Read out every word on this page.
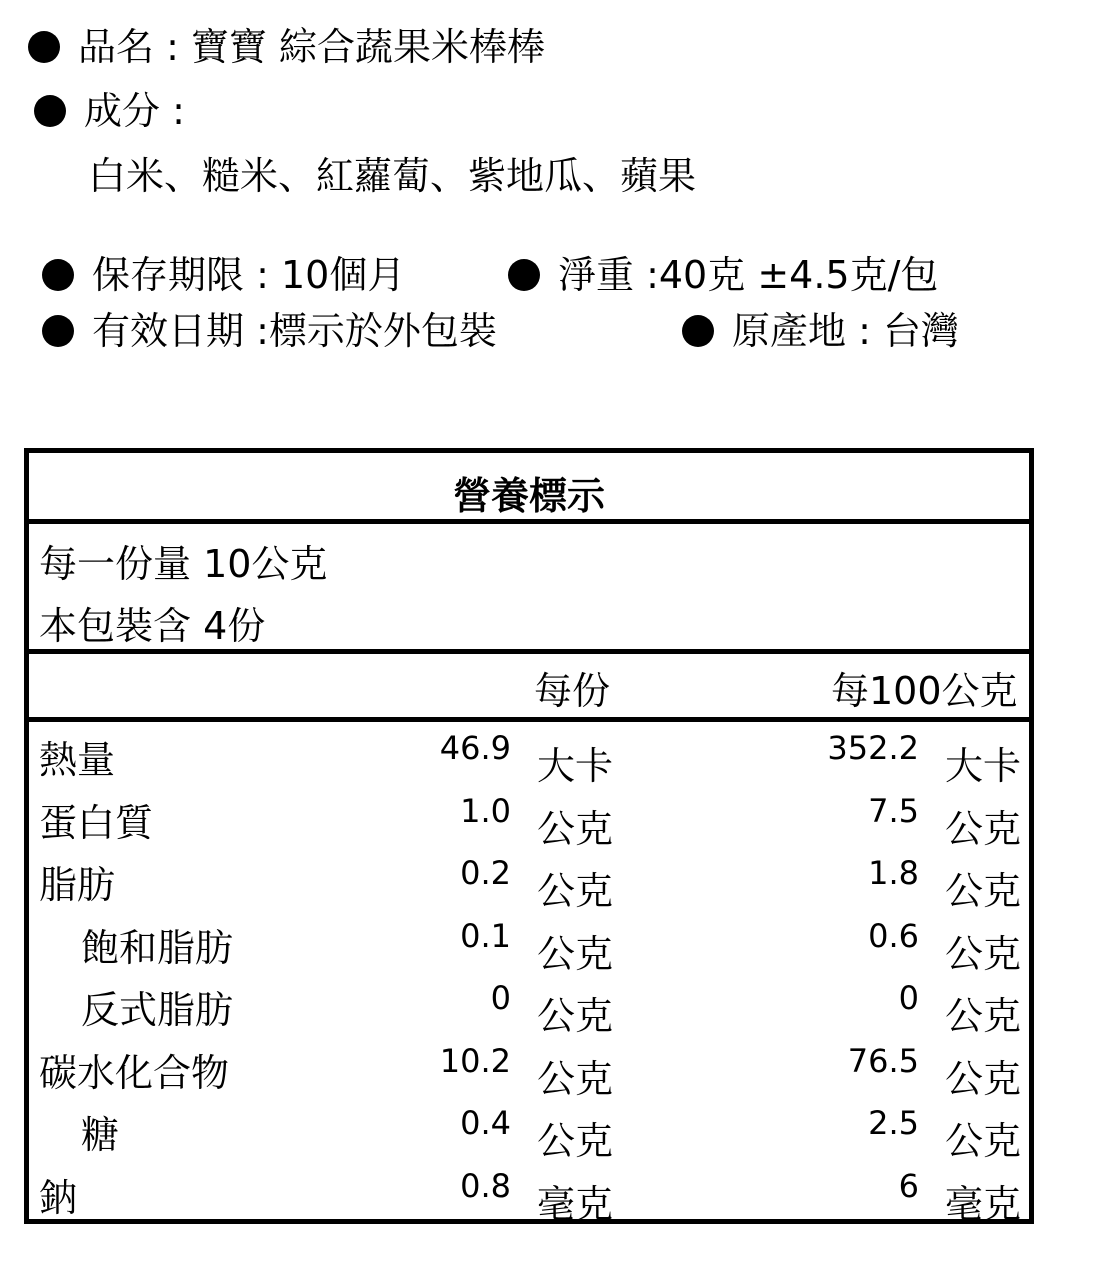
品名 : 寶寶 綜合蔬果米棒棒
成分 :
白米、糙米、紅蘿蔔、紫地瓜、蘋果
保存期限 : 10個月	淨重 :40克 ±4.5克/包
有效日期 :標示於外包裝	原產地 : 台灣
營養標示
每一份量 10公克
本包裝含 4份
每份	每100公克
熱量	46.9 大卡	352.2 大卡
蛋白質	1.0 公克	7.5 公克
脂肪	0.2 公克	1.8 公克
飽和脂肪	0.1 公克	0.6 公克
反式脂肪	0 公克	0 公克
碳水化合物	10.2 公克	76.5 公克
糖	0.4 公克	2.5 公克
鈉	0.8 毫克	6 毫克
